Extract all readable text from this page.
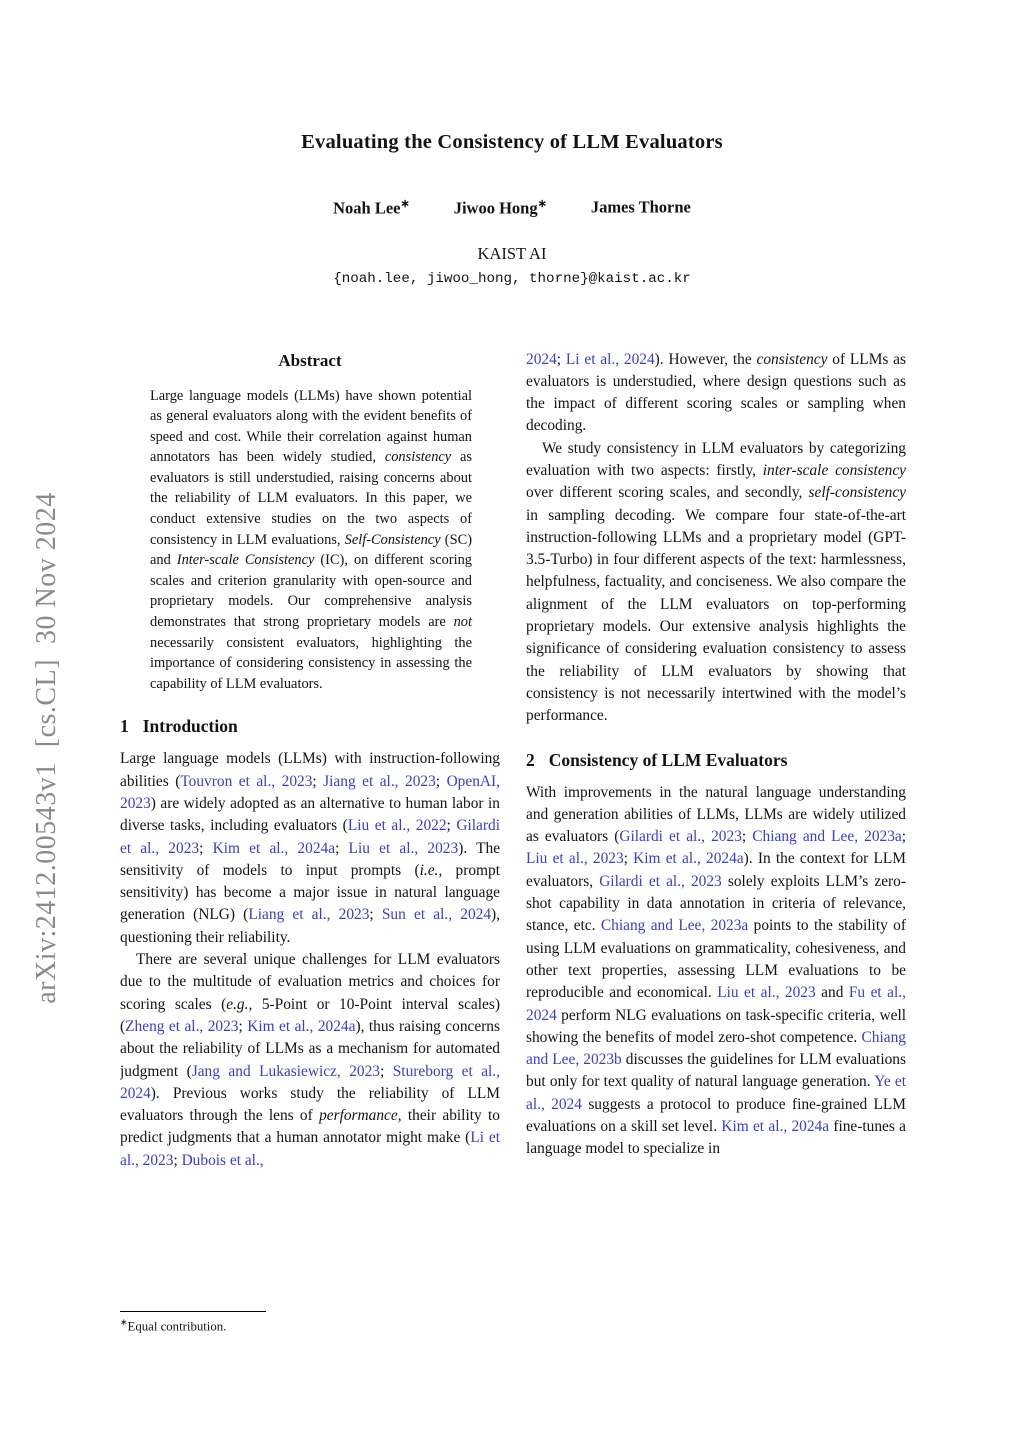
arXiv:2412.00543v1  [cs.CL]  30 Nov 2024
Evaluating the Consistency of LLM Evaluators
Noah Lee∗	Jiwoo Hong∗	James Thorne
KAIST AI
{noah.lee, jiwoo_hong, thorne}@kaist.ac.kr
Abstract

Large language models (LLMs) have shown potential as general evaluators along with the evident benefits of speed and cost. While their correlation against human annotators has been widely studied, consistency as evaluators is still understudied, raising concerns about the reliability of LLM evaluators. In this paper, we conduct extensive studies on the two aspects of consistency in LLM evaluations, Self-Consistency (SC) and Inter-scale Consistency (IC), on different scoring scales and criterion granularity with open-source and proprietary models. Our comprehensive analysis demonstrates that strong proprietary models are not necessarily consistent evaluators, highlighting the importance of considering consistency in assessing the capability of LLM evaluators.

1 Introduction

Large language models (LLMs) with instruction-following abilities (Touvron et al., 2023; Jiang et al., 2023; OpenAI, 2023) are widely adopted as an alternative to human labor in diverse tasks, including evaluators (Liu et al., 2022; Gilardi et al., 2023; Kim et al., 2024a; Liu et al., 2023). The sensitivity of models to input prompts (i.e., prompt sensitivity) has become a major issue in natural language generation (NLG) (Liang et al., 2023; Sun et al., 2024), questioning their reliability.

There are several unique challenges for LLM evaluators due to the multitude of evaluation metrics and choices for scoring scales (e.g., 5-Point or 10-Point interval scales) (Zheng et al., 2023; Kim et al., 2024a), thus raising concerns about the reliability of LLMs as a mechanism for automated judgment (Jang and Lukasiewicz, 2023; Stureborg et al., 2024). Previous works study the reliability of LLM evaluators through the lens of performance, their ability to predict judgments that a human annotator might make (Li et al., 2023; Dubois et al.,

∗Equal contribution.

2024; Li et al., 2024). However, the consistency of LLMs as evaluators is understudied, where design questions such as the impact of different scoring scales or sampling when decoding.

We study consistency in LLM evaluators by categorizing evaluation with two aspects: firstly, inter-scale consistency over different scoring scales, and secondly, self-consistency in sampling decoding. We compare four state-of-the-art instruction-following LLMs and a proprietary model (GPT-3.5-Turbo) in four different aspects of the text: harmlessness, helpfulness, factuality, and conciseness. We also compare the alignment of the LLM evaluators on top-performing proprietary models. Our extensive analysis highlights the significance of considering evaluation consistency to assess the reliability of LLM evaluators by showing that consistency is not necessarily intertwined with the model’s performance.

2 Consistency of LLM Evaluators

With improvements in the natural language understanding and generation abilities of LLMs, LLMs are widely utilized as evaluators (Gilardi et al., 2023; Chiang and Lee, 2023a; Liu et al., 2023; Kim et al., 2024a). In the context for LLM evaluators, Gilardi et al., 2023 solely exploits LLM’s zero-shot capability in data annotation in criteria of relevance, stance, etc. Chiang and Lee, 2023a points to the stability of using LLM evaluations on grammaticality, cohesiveness, and other text properties, assessing LLM evaluations to be reproducible and economical. Liu et al., 2023 and Fu et al., 2024 perform NLG evaluations on task-specific criteria, well showing the benefits of model zero-shot competence. Chiang and Lee, 2023b discusses the guidelines for LLM evaluations but only for text quality of natural language generation. Ye et al., 2024 suggests a protocol to produce fine-grained LLM evaluations on a skill set level. Kim et al., 2024a fine-tunes a language model to specialize in
